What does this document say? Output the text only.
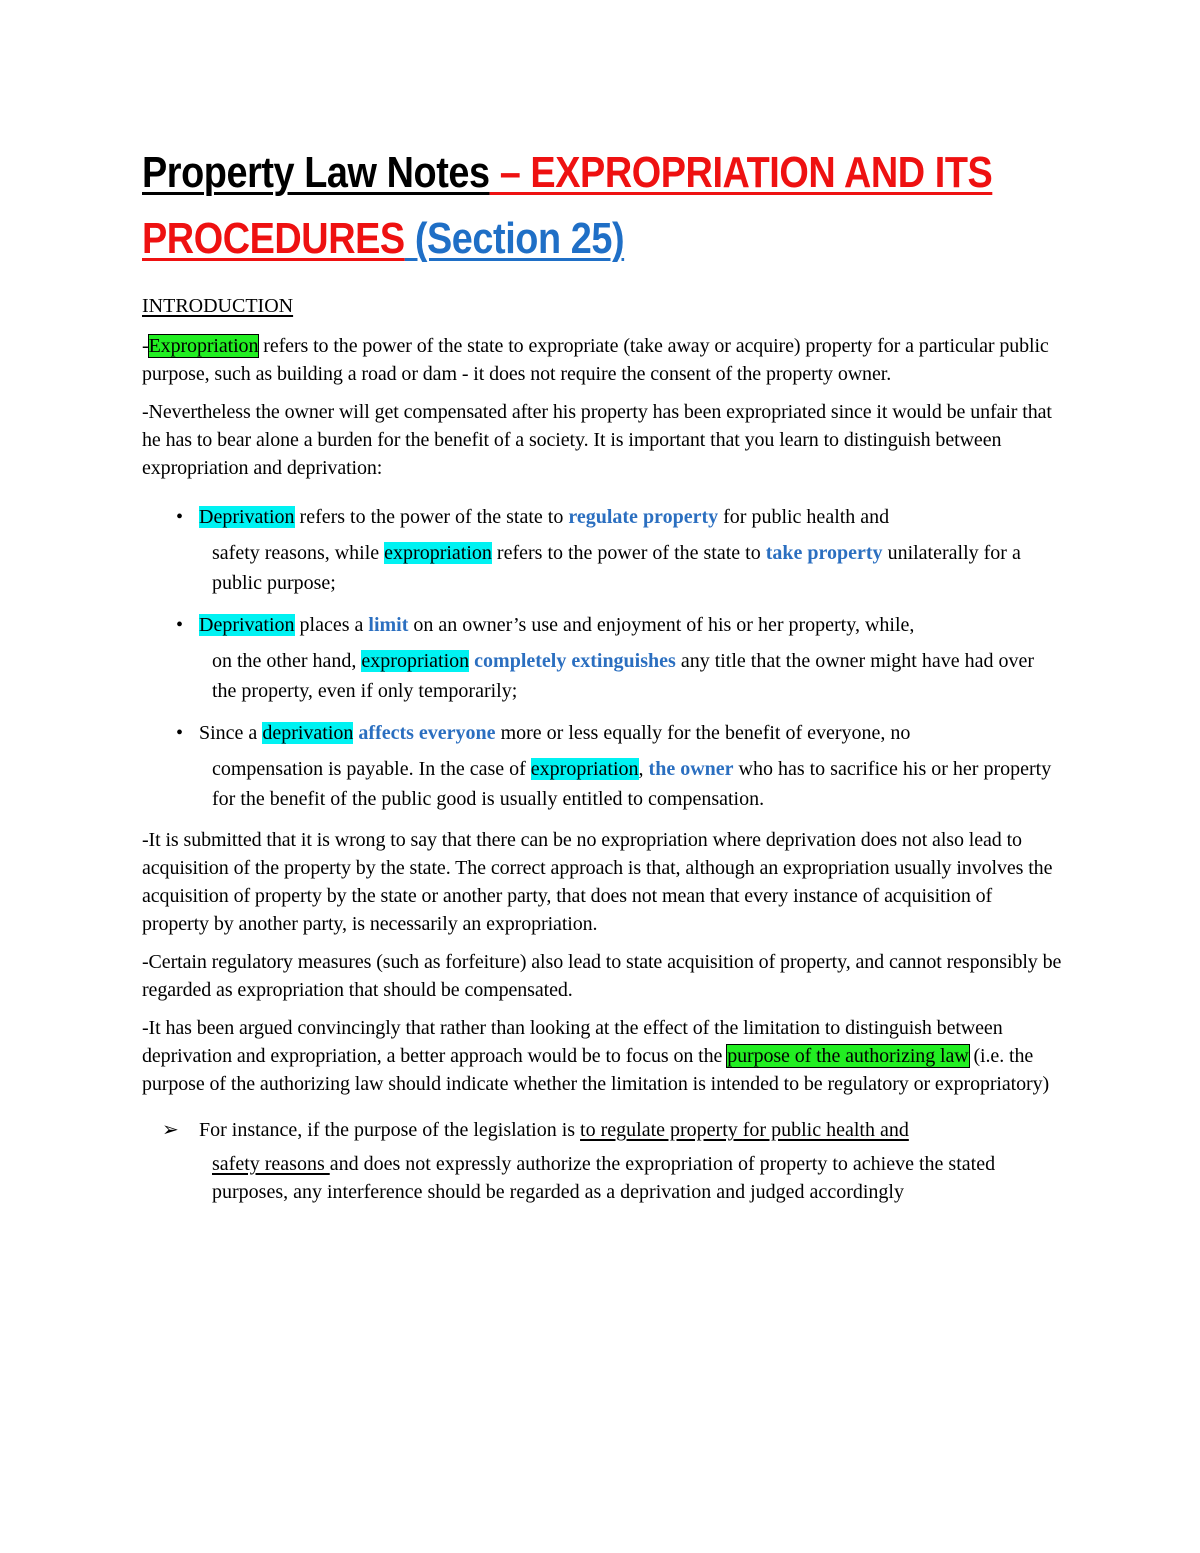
Property Law Notes – EXPROPRIATION AND ITS PROCEDURES (Section 25)

INTRODUCTION

-Expropriation refers to the power of the state to expropriate (take away or acquire) property for a particular public purpose, such as building a road or dam - it does not require the consent of the property owner.

-Nevertheless the owner will get compensated after his property has been expropriated since it would be unfair that he has to bear alone a burden for the benefit of a society. It is important that you learn to distinguish between expropriation and deprivation:

• Deprivation refers to the power of the state to regulate property for public health and
safety reasons, while expropriation refers to the power of the state to take property unilaterally for a public purpose;
• Deprivation places a limit on an owner’s use and enjoyment of his or her property, while,
on the other hand, expropriation completely extinguishes any title that the owner might have had over the property, even if only temporarily;
• Since a deprivation affects everyone more or less equally for the benefit of everyone, no
compensation is payable. In the case of expropriation, the owner who has to sacrifice his or her property for the benefit of the public good is usually entitled to compensation.

-It is submitted that it is wrong to say that there can be no expropriation where deprivation does not also lead to acquisition of the property by the state. The correct approach is that, although an expropriation usually involves the acquisition of property by the state or another party, that does not mean that every instance of acquisition of property by another party, is necessarily an expropriation.

-Certain regulatory measures (such as forfeiture) also lead to state acquisition of property, and cannot responsibly be regarded as expropriation that should be compensated.

-It has been argued convincingly that rather than looking at the effect of the limitation to distinguish between deprivation and expropriation, a better approach would be to focus on the purpose of the authorizing law (i.e. the purpose of the authorizing law should indicate whether the limitation is intended to be regulatory or expropriatory)

➢ For instance, if the purpose of the legislation is to regulate property for public health and
safety reasons and does not expressly authorize the expropriation of property to achieve the stated purposes, any interference should be regarded as a deprivation and judged accordingly
